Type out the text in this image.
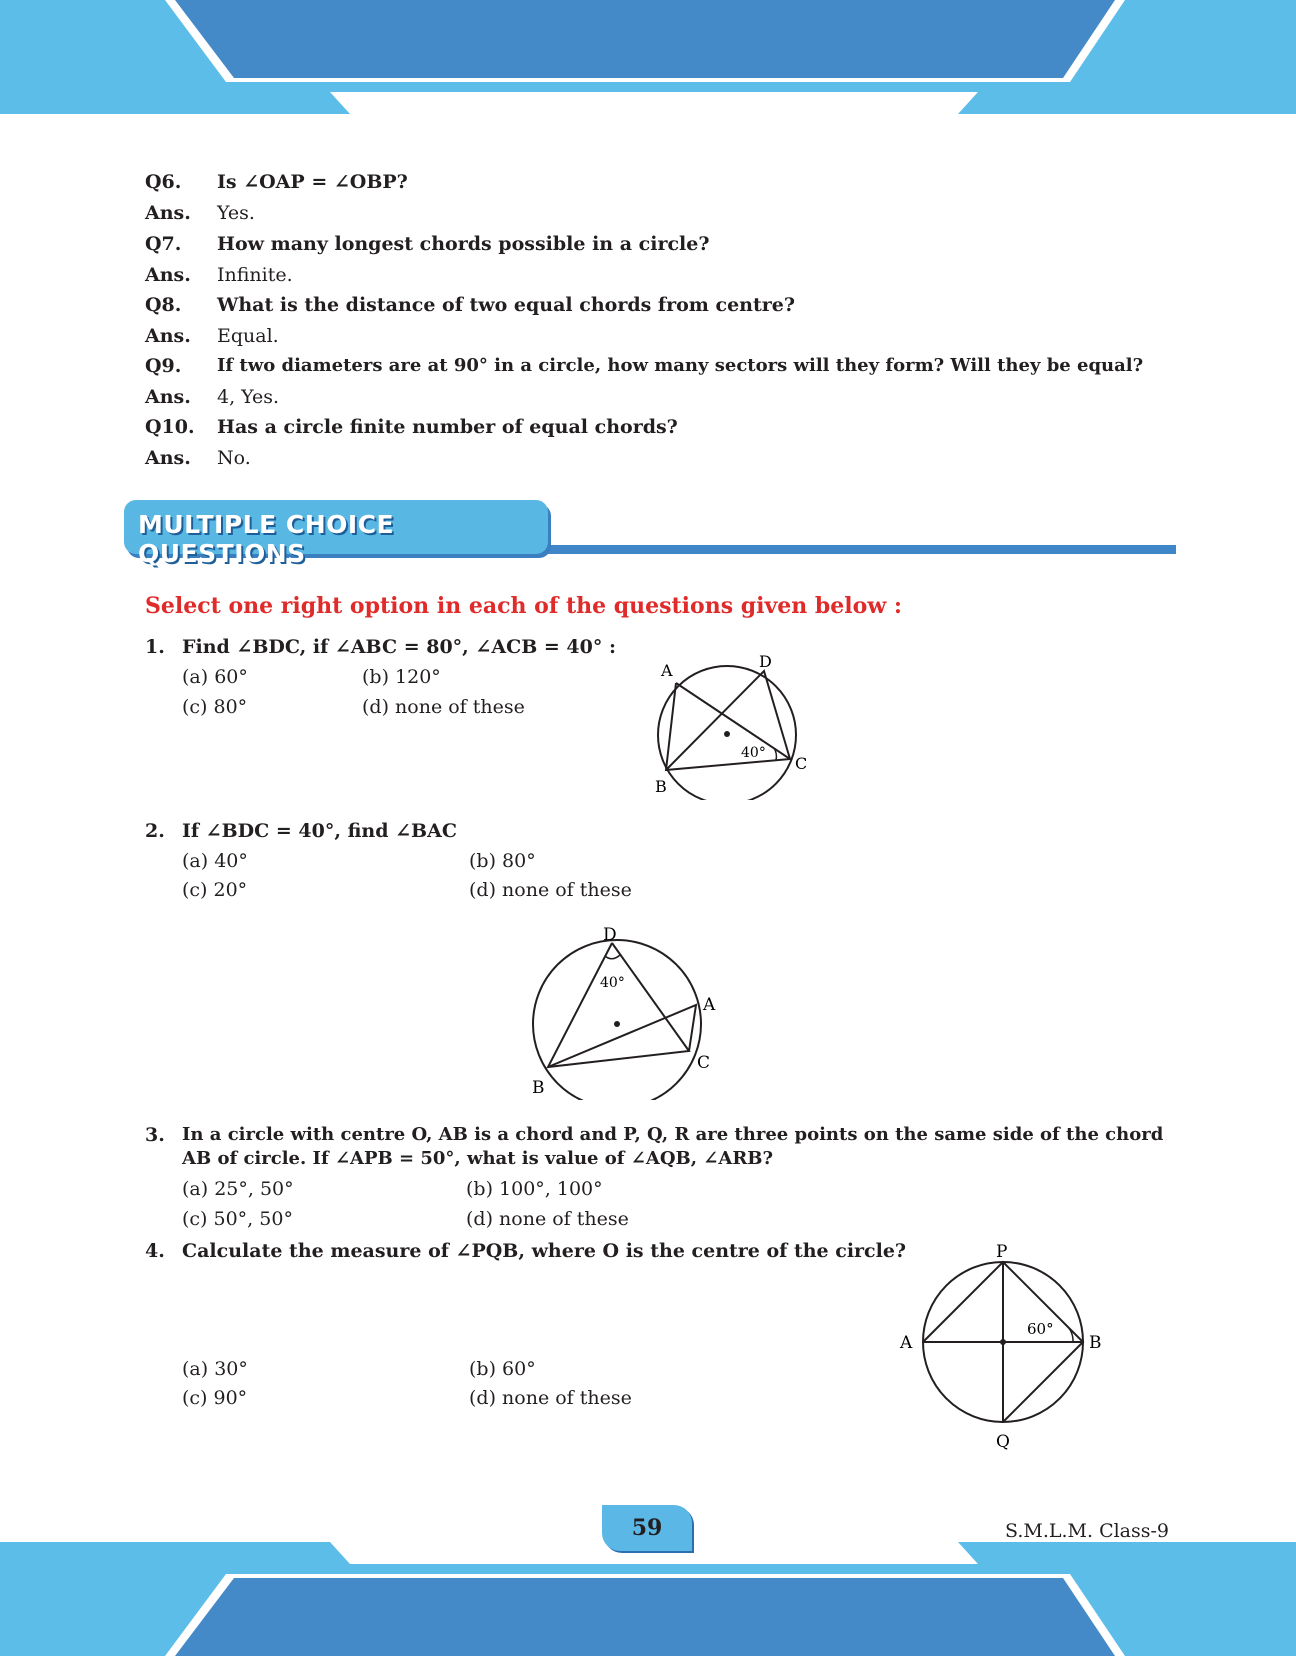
Q6. Is ∠OAP = ∠OBP?
Ans. Yes.
Q7. How many longest chords possible in a circle?
Ans. Infinite.
Q8. What is the distance of two equal chords from centre?
Ans. Equal.
Q9. If two diameters are at 90° in a circle, how many sectors will they form? Will they be equal?
Ans. 4, Yes.
Q10. Has a circle finite number of equal chords?
Ans. No.
MULTIPLE CHOICE QUESTIONS
Select one right option in each of the questions given below :
1. Find ∠BDC, if ∠ABC = 80°, ∠ACB = 40° :
(a) 60°	(b) 120°
(c) 80°	(d) none of these
A	D
B
C
40°
2. If ∠BDC = 40°, find ∠BAC
(a) 40°	(b) 80°
(c) 20°	(d) none of these
D
A
C
B
40°
3. In a circle with centre O, AB is a chord and P, Q, R are three points on the same side of the chord
AB of circle. If ∠APB = 50°, what is value of ∠AQB, ∠ARB?
(a) 25°, 50°	(b) 100°, 100°
(c) 50°, 50°	(d) none of these
4. Calculate the measure of ∠PQB, where O is the centre of the circle?
(a) 30°	(b) 60°
(c) 90°	(d) none of these
P
A	B
Q
60°
59	S.M.L.M. Class-9
